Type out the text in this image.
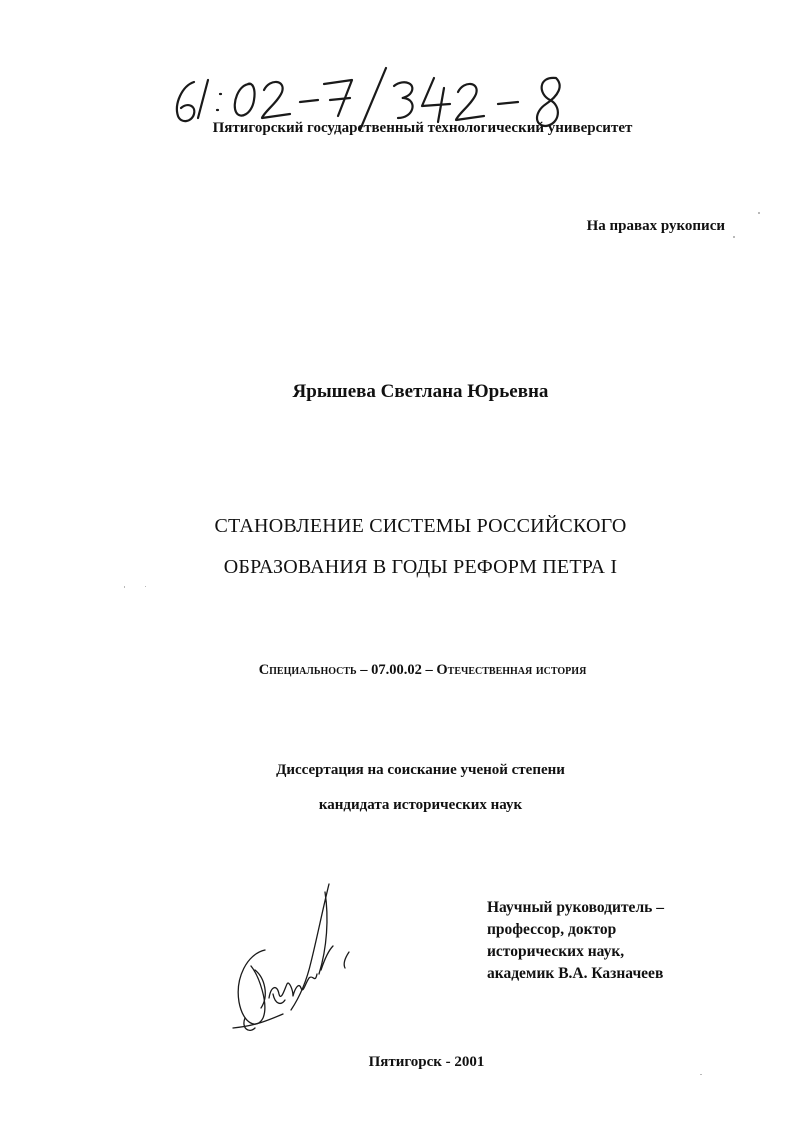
Пятигорский государственный технологический университет
На правах рукописи
Ярышева Светлана Юрьевна
СТАНОВЛЕНИЕ СИСТЕМЫ РОССИЙСКОГО
ОБРАЗОВАНИЯ В ГОДЫ РЕФОРМ ПЕТРА I
Специальность – 07.00.02 – Отечественная история
Диссертация на соискание ученой степени
кандидата исторических наук
Научный руководитель –
профессор, доктор
исторических наук,
академик В.А. Казначеев
Пятигорск - 2001
